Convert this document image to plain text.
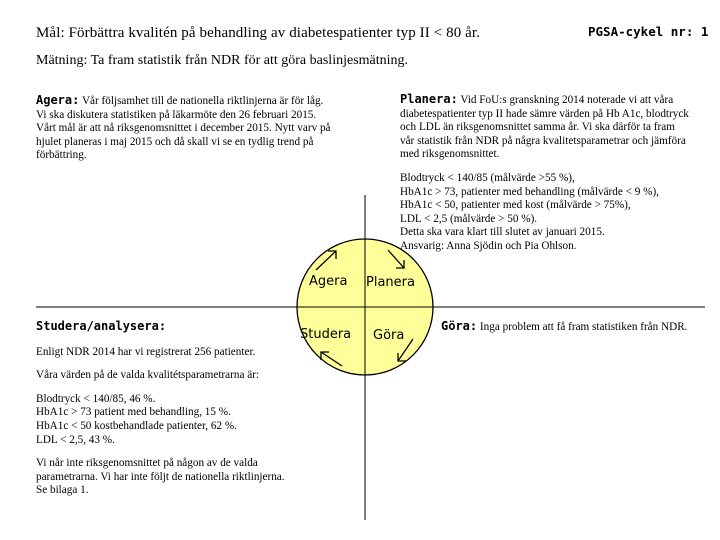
Mål: Förbättra kvalitén på behandling av diabetespatienter typ II < 80 år.	PGSA-cykel nr: 1
Mätning: Ta fram statistik från NDR för att göra baslinjesmätning.
Agera Planera
Studera Göra
Agera: Vår följsamhet till de nationella riktlinjerna är för låg. Vi ska diskutera statistiken på läkarmöte den 26 februari 2015. Vårt mål är att nå riksgenomsnittet i december 2015. Nytt varv på hjulet planeras i maj 2015 och då skall vi se en tydlig trend på förbättring.
Planera: Vid FoU:s granskning 2014 noterade vi att våra diabetespatienter typ II hade sämre värden på Hb A1c, blodtryck och LDL än riksgenomsnittet samma år. Vi ska därför ta fram vår statistik från NDR på några kvalitetsparametrar och jämföra med riksgenomsnittet.
Blodtryck < 140/85 (målvärde >55 %),
HbA1c > 73, patienter med behandling (målvärde < 9 %),
HbA1c < 50, patienter med kost (målvärde > 75%),
LDL < 2,5 (målvärde > 50 %).
Detta ska vara klart till slutet av januari 2015.
Ansvarig: Anna Sjödin och Pia Ohlson.
Studera/analysera:
Enligt NDR 2014 har vi registrerat 256 patienter.
Våra värden på de valda kvalitétsparametrarna är:
Blodtryck < 140/85, 46 %.
HbA1c > 73 patient med behandling, 15 %.
HbA1c < 50 kostbehandlade patienter, 62 %.
LDL < 2,5, 43 %.
Vi når inte riksgenomsnittet på någon av de valda parametrarna. Vi har inte följt de nationella riktlinjerna. Se bilaga 1.
Göra: Inga problem att få fram statistiken från NDR.
